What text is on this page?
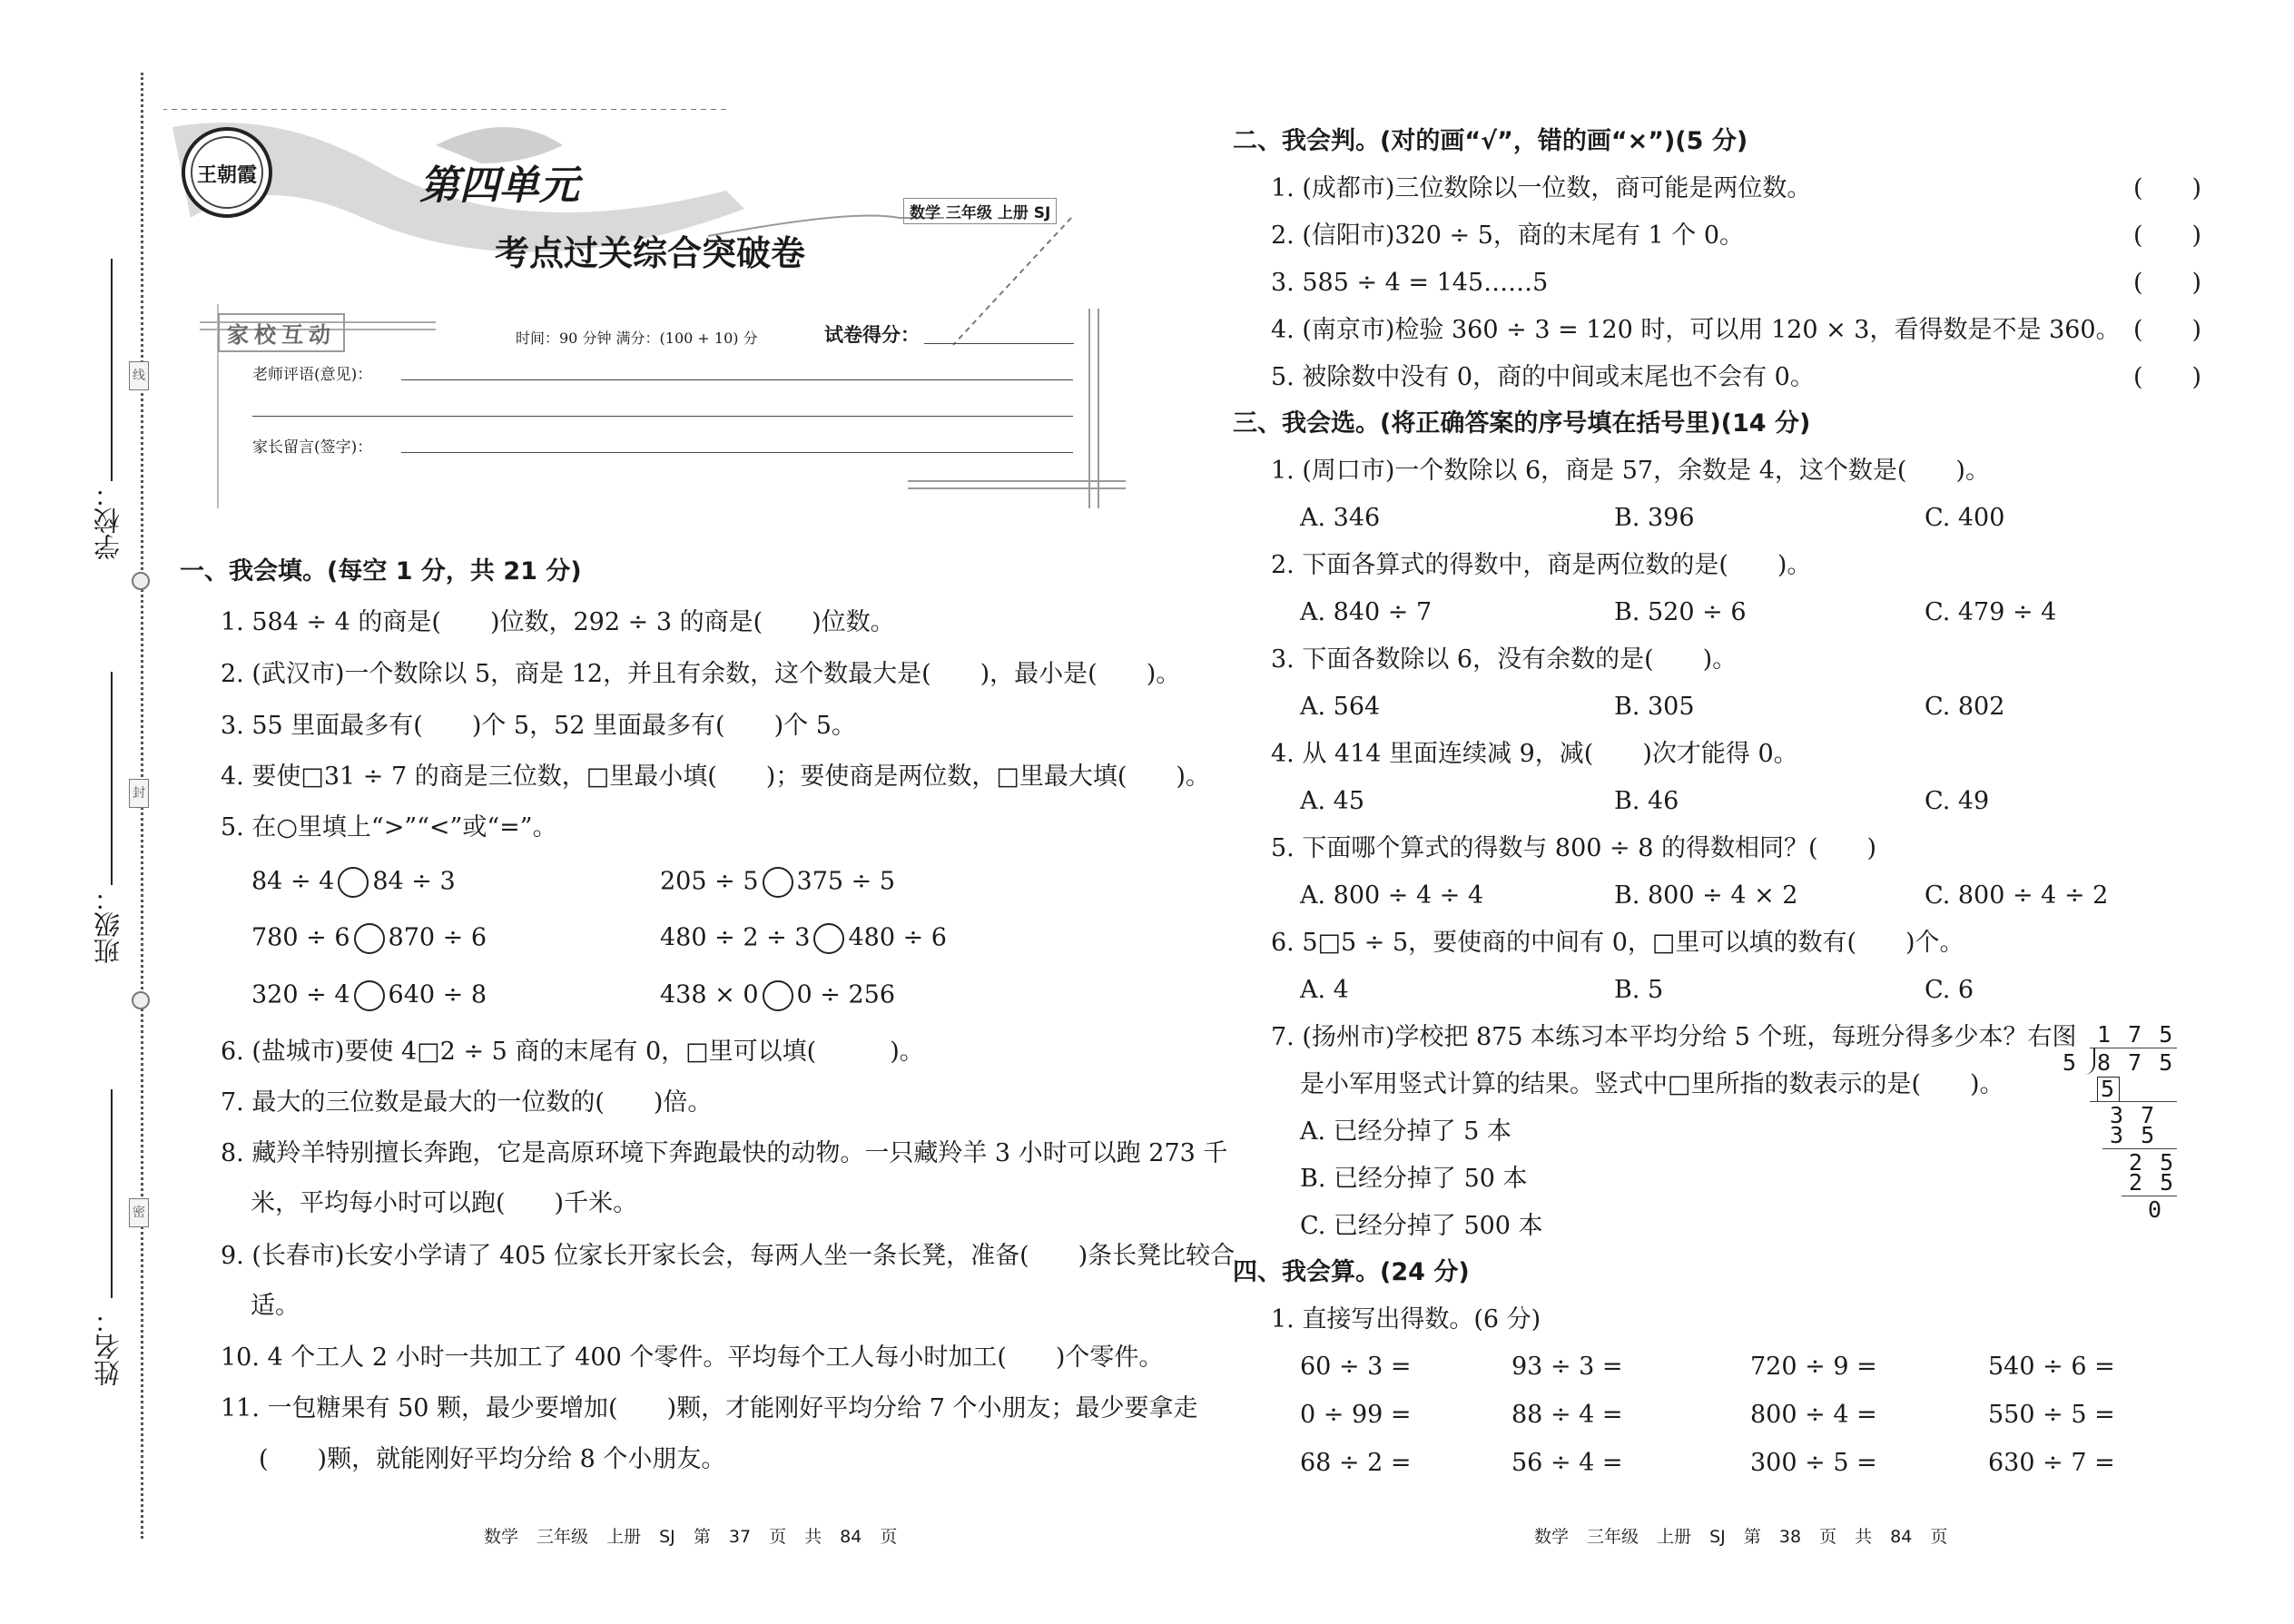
线
封
密
学校：
班级：
姓名：
王朝霞	第四单元
考点过关综合突破卷
数学 三年级 上册 SJ
家校互动	时间：90 分钟 满分：(100 + 10) 分	试卷得分：
老师评语(意见)：
家长留言(签字)：
一、我会填。(每空 1 分，共 21 分)
1. 584 ÷ 4 的商是(　　)位数，292 ÷ 3 的商是(　　)位数。
2. (武汉市)一个数除以 5，商是 12，并且有余数，这个数最大是(　　)，最小是(　　)。
3. 55 里面最多有(　　)个 5，52 里面最多有(　　)个 5。
4. 要使□31 ÷ 7 的商是三位数，□里最小填(　　)；要使商是两位数，□里最大填(　　)。
5. 在○里填上“>”“<”或“=”。
84 ÷ 4 84 ÷ 3	205 ÷ 5 375 ÷ 5
780 ÷ 6 870 ÷ 6	480 ÷ 2 ÷ 3 480 ÷ 6
320 ÷ 4 640 ÷ 8	438 × 0 0 ÷ 256
6. (盐城市)要使 4□2 ÷ 5 商的末尾有 0，□里可以填(　　　)。
7. 最大的三位数是最大的一位数的(　　)倍。
8. 藏羚羊特别擅长奔跑，它是高原环境下奔跑最快的动物。一只藏羚羊 3 小时可以跑 273 千
米，平均每小时可以跑(　　)千米。
9. (长春市)长安小学请了 405 位家长开家长会，每两人坐一条长凳，准备(　　)条长凳比较合
适。
10. 4 个工人 2 小时一共加工了 400 个零件。平均每个工人每小时加工(　　)个零件。
11. 一包糖果有 50 颗，最少要增加(　　)颗，才能刚好平均分给 7 个小朋友；最少要拿走
(　　)颗，就能刚好平均分给 8 个小朋友。
数学 三年级 上册 SJ 第 37 页 共 84 页
二、我会判。(对的画“√”，错的画“×”)(5 分)
1. (成都市)三位数除以一位数，商可能是两位数。	(　　)
2. (信阳市)320 ÷ 5，商的末尾有 1 个 0。	(　　)
3. 585 ÷ 4 = 145……5	(　　)
4. (南京市)检验 360 ÷ 3 = 120 时，可以用 120 × 3，看得数是不是 360。 (　　)
5. 被除数中没有 0，商的中间或末尾也不会有 0。	(　　)
三、我会选。(将正确答案的序号填在括号里)(14 分)
1. (周口市)一个数除以 6，商是 57，余数是 4，这个数是(　　)。
A. 346	B. 396	C. 400
2. 下面各算式的得数中，商是两位数的是(　　)。
A. 840 ÷ 7	B. 520 ÷ 6	C. 479 ÷ 4
3. 下面各数除以 6，没有余数的是(　　)。
A. 564	B. 305	C. 802
4. 从 414 里面连续减 9，减(　　)次才能得 0。
A. 45	B. 46	C. 49
5. 下面哪个算式的得数与 800 ÷ 8 的得数相同？(　　)
A. 800 ÷ 4 ÷ 4	B. 800 ÷ 4 × 2	C. 800 ÷ 4 ÷ 2
6. 5□5 ÷ 5，要使商的中间有 0，□里可以填的数有(　　)个。
A. 4	B. 5	C. 6
7. (扬州市)学校把 875 本练习本平均分给 5 个班，每班分得多少本？右图
是小军用竖式计算的结果。竖式中□里所指的数表示的是(　　)。
A. 已经分掉了 5 本
B. 已经分掉了 50 本
C. 已经分掉了 500 本
1 7 5
5 8 7 5
5
3 7
3 5
2 5
2 5
0
四、我会算。(24 分)
1. 直接写出得数。(6 分)
60 ÷ 3 =	93 ÷ 3 =	720 ÷ 9 =	540 ÷ 6 =
0 ÷ 99 =	88 ÷ 4 =	800 ÷ 4 =	550 ÷ 5 =
68 ÷ 2 =	56 ÷ 4 =	300 ÷ 5 =	630 ÷ 7 =
数学 三年级 上册 SJ 第 38 页 共 84 页
